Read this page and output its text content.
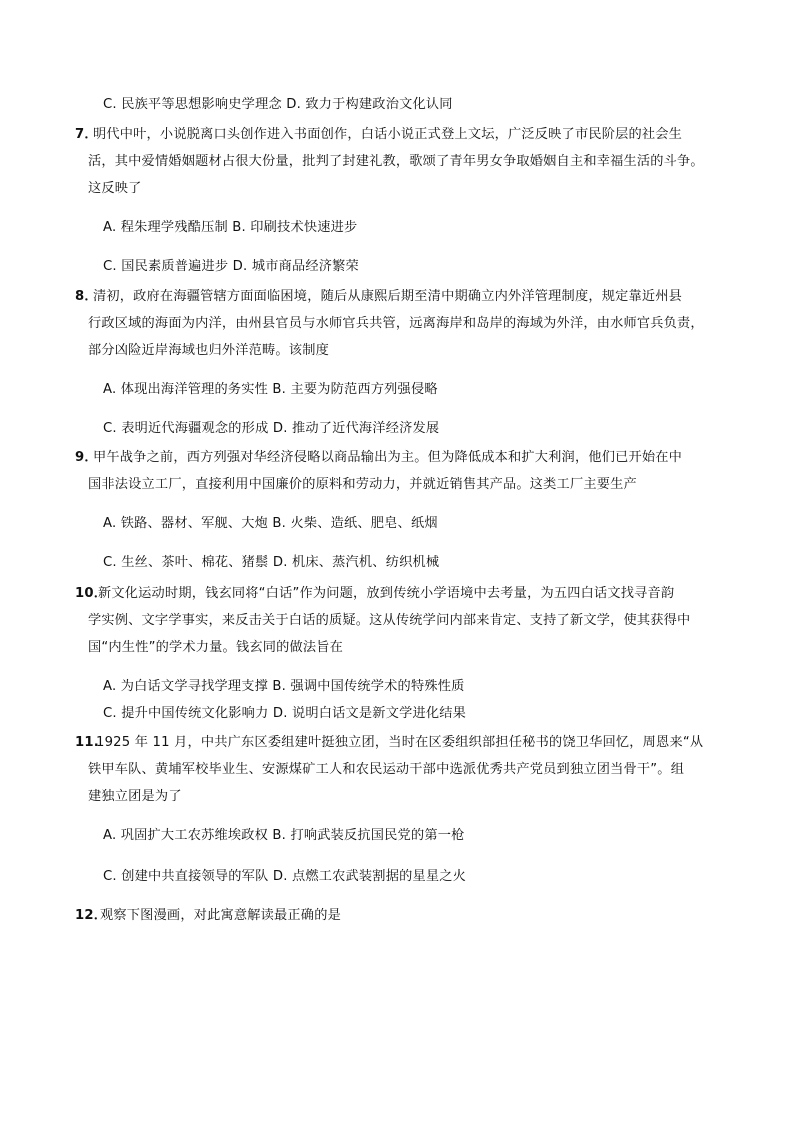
C. 民族平等思想影响史学理念 D. 致力于构建政治文化认同
7．
明代中叶，小说脱离口头创作进入书面创作，白话小说正式登上文坛，广泛反映了市民阶层的社会生
活，其中爱情婚姻题材占很大份量，批判了封建礼教，歌颂了青年男女争取婚姻自主和幸福生活的斗争。
这反映了
A. 程朱理学残酷压制 B. 印刷技术快速进步
C. 国民素质普遍进步 D. 城市商品经济繁荣
8．
清初，政府在海疆管辖方面面临困境，随后从康熙后期至清中期确立内外洋管理制度，规定靠近州县
行政区域的海面为内洋，由州县官员与水师官兵共管，远离海岸和岛岸的海域为外洋，由水师官兵负责，
部分凶险近岸海域也归外洋范畴。该制度
A. 体现出海洋管理的务实性 B. 主要为防范西方列强侵略
C. 表明近代海疆观念的形成 D. 推动了近代海洋经济发展
9．
甲午战争之前，西方列强对华经济侵略以商品输出为主。但为降低成本和扩大利润，他们已开始在中
国非法设立工厂，直接利用中国廉价的原料和劳动力，并就近销售其产品。这类工厂主要生产
A. 铁路、器材、军舰、大炮 B. 火柴、造纸、肥皂、纸烟
C. 生丝、茶叶、棉花、猪鬃 D. 机床、蒸汽机、纺织机械
10．
新文化运动时期，钱玄同将“白话”作为问题，放到传统小学语境中去考量，为五四白话文找寻音韵
学实例、文字学事实，来反击关于白话的质疑。这从传统学问内部来肯定、支持了新文学，使其获得中
国“内生性”的学术力量。钱玄同的做法旨在
A. 为白话文学寻找学理支撑 B. 强调中国传统学术的特殊性质
C. 提升中国传统文化影响力 D. 说明白话文是新文学进化结果
11.
1925 年 11 月，中共广东区委组建叶挺独立团，当时在区委组织部担任秘书的饶卫华回忆，周恩来“从
铁甲车队、黄埔军校毕业生、安源煤矿工人和农民运动干部中选派优秀共产党员到独立团当骨干”。组
建独立团是为了
A. 巩固扩大工农苏维埃政权 B. 打响武装反抗国民党的第一枪
C. 创建中共直接领导的军队 D. 点燃工农武装割据的星星之火
12．
观察下图漫画，对此寓意解读最正确的是
